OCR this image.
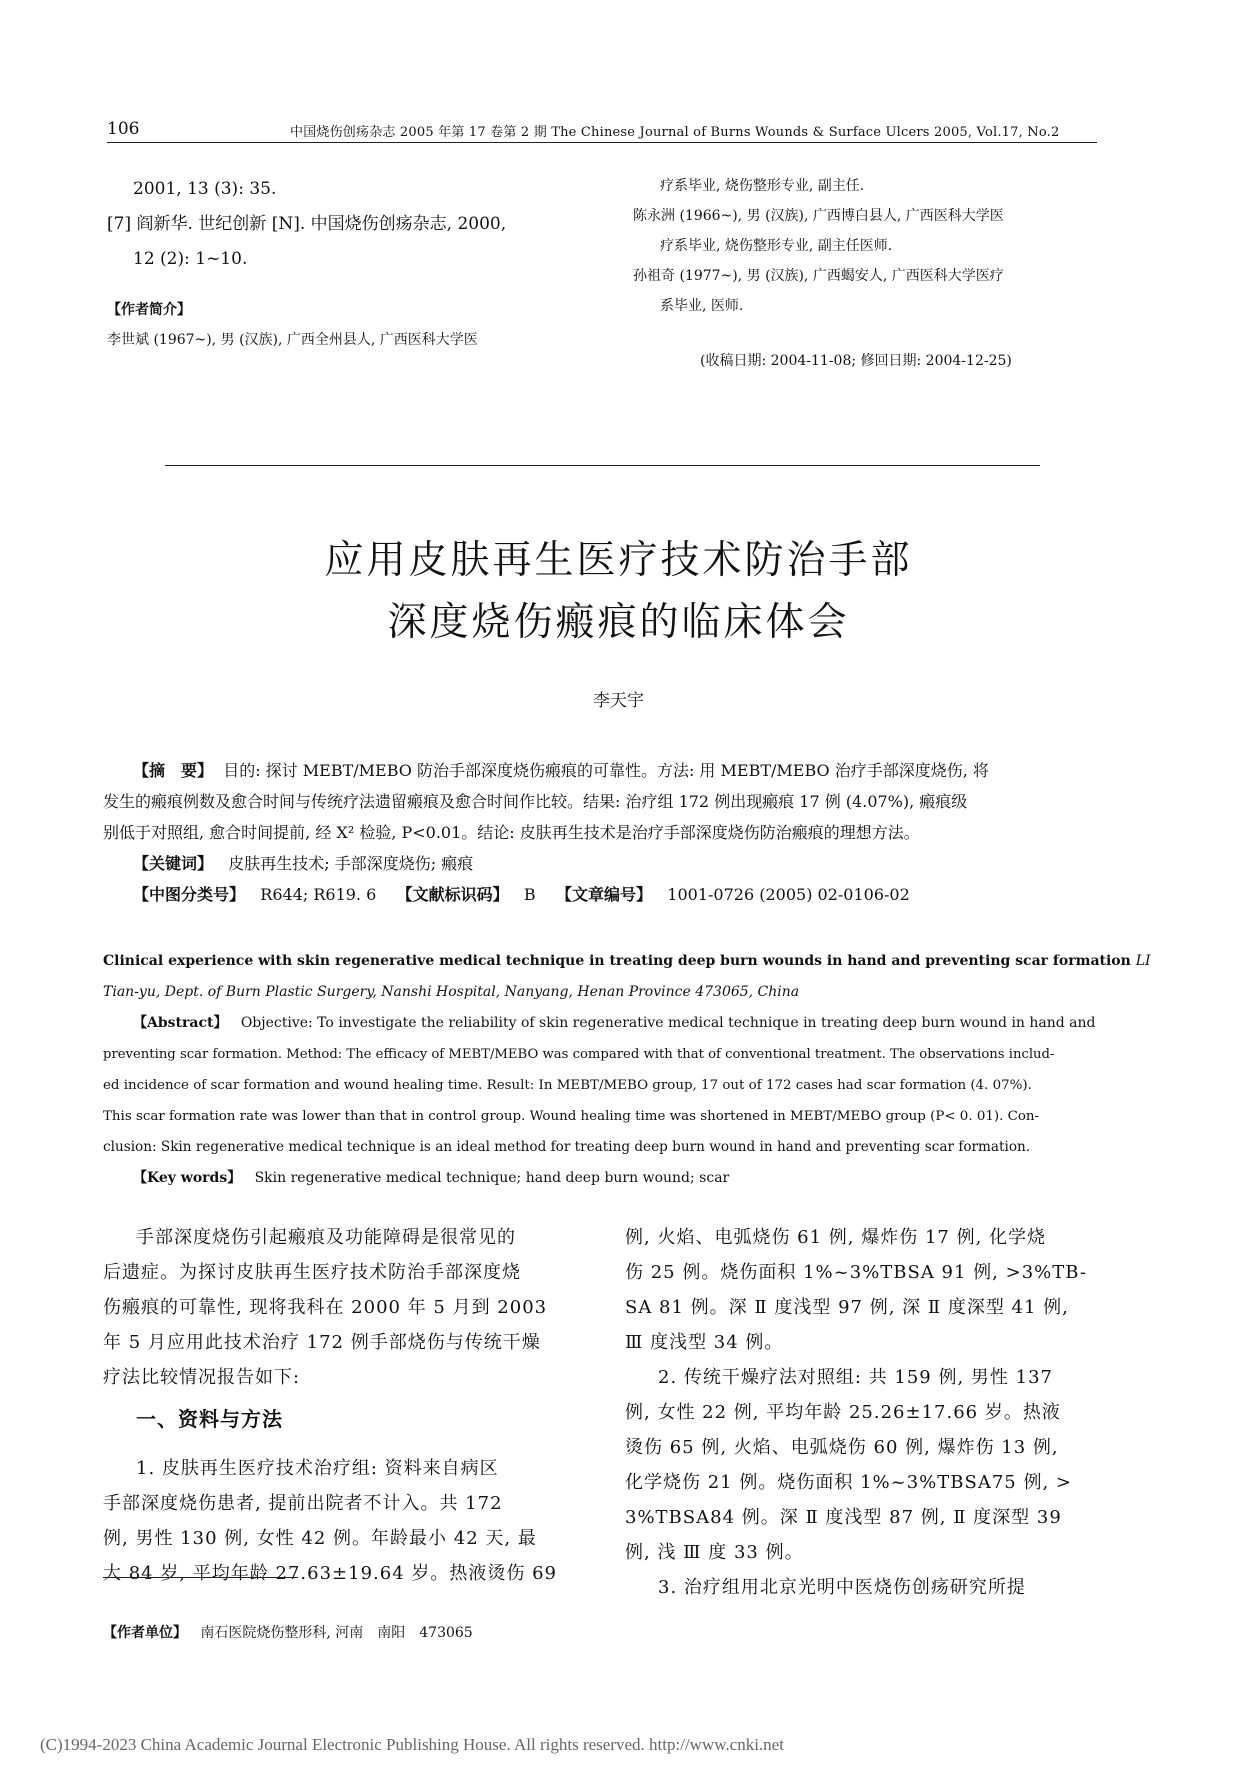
106	中国烧伤创疡杂志 2005 年第 17 卷第 2 期 The Chinese Journal of Burns Wounds & Surface Ulcers 2005, Vol.17, No.2
2001, 13 (3): 35.
[7] 阎新华. 世纪创新 [N]. 中国烧伤创疡杂志, 2000,
12 (2): 1~10.
【作者简介】
李世斌 (1967~), 男 (汉族), 广西全州县人, 广西医科大学医
疗系毕业, 烧伤整形专业, 副主任.
陈永洲 (1966~), 男 (汉族), 广西博白县人, 广西医科大学医
疗系毕业, 烧伤整形专业, 副主任医师.
孙祖奇 (1977~), 男 (汉族), 广西蝎安人, 广西医科大学医疗
系毕业, 医师.
(收稿日期: 2004-11-08; 修回日期: 2004-12-25)
应用皮肤再生医疗技术防治手部
深度烧伤瘢痕的临床体会
李天宇
【摘　要】 目的: 探讨 MEBT/MEBO 防治手部深度烧伤瘢痕的可靠性。方法: 用 MEBT/MEBO 治疗手部深度烧伤, 将
发生的瘢痕例数及愈合时间与传统疗法遗留瘢痕及愈合时间作比较。结果: 治疗组 172 例出现瘢痕 17 例 (4.07%), 瘢痕级
别低于对照组, 愈合时间提前, 经 X² 检验, P<0.01。结论: 皮肤再生技术是治疗手部深度烧伤防治瘢痕的理想方法。
【关键词】 皮肤再生技术; 手部深度烧伤; 瘢痕
【中图分类号】 R644; R619. 6 【文献标识码】 B 【文章编号】 1001-0726 (2005) 02-0106-02
Clinical experience with skin regenerative medical technique in treating deep burn wounds in hand and preventing scar formation LI
Tian-yu, Dept. of Burn Plastic Surgery, Nanshi Hospital, Nanyang, Henan Province 473065, China
【Abstract】 Objective: To investigate the reliability of skin regenerative medical technique in treating deep burn wound in hand and
preventing scar formation. Method: The efficacy of MEBT/MEBO was compared with that of conventional treatment. The observations includ-
ed incidence of scar formation and wound healing time. Result: In MEBT/MEBO group, 17 out of 172 cases had scar formation (4. 07%).
This scar formation rate was lower than that in control group. Wound healing time was shortened in MEBT/MEBO group (P< 0. 01). Con-
clusion: Skin regenerative medical technique is an ideal method for treating deep burn wound in hand and preventing scar formation.
【Key words】 Skin regenerative medical technique; hand deep burn wound; scar

手部深度烧伤引起瘢痕及功能障碍是很常见的
后遗症。为探讨皮肤再生医疗技术防治手部深度烧
伤瘢痕的可靠性, 现将我科在 2000 年 5 月到 2003
年 5 月应用此技术治疗 172 例手部烧伤与传统干燥
疗法比较情况报告如下:

一、资料与方法

1. 皮肤再生医疗技术治疗组: 资料来自病区
手部深度烧伤患者, 提前出院者不计入。共 172
例, 男性 130 例, 女性 42 例。年龄最小 42 天, 最
大 84 岁, 平均年龄 27.63±19.64 岁。热液烫伤 69

例, 火焰、电弧烧伤 61 例, 爆炸伤 17 例, 化学烧
伤 25 例。烧伤面积 1%~3%TBSA 91 例, >3%TB-
SA 81 例。深 Ⅱ 度浅型 97 例, 深 Ⅱ 度深型 41 例,
Ⅲ 度浅型 34 例。
2. 传统干燥疗法对照组: 共 159 例, 男性 137
例, 女性 22 例, 平均年龄 25.26±17.66 岁。热液
烫伤 65 例, 火焰、电弧烧伤 60 例, 爆炸伤 13 例,
化学烧伤 21 例。烧伤面积 1%~3%TBSA75 例, >
3%TBSA84 例。深 Ⅱ 度浅型 87 例, Ⅱ 度深型 39
例, 浅 Ⅲ 度 33 例。
3. 治疗组用北京光明中医烧伤创疡研究所提
【作者单位】 南石医院烧伤整形科, 河南　南阳　473065
(C)1994-2023 China Academic Journal Electronic Publishing House. All rights reserved. http://www.cnki.net
